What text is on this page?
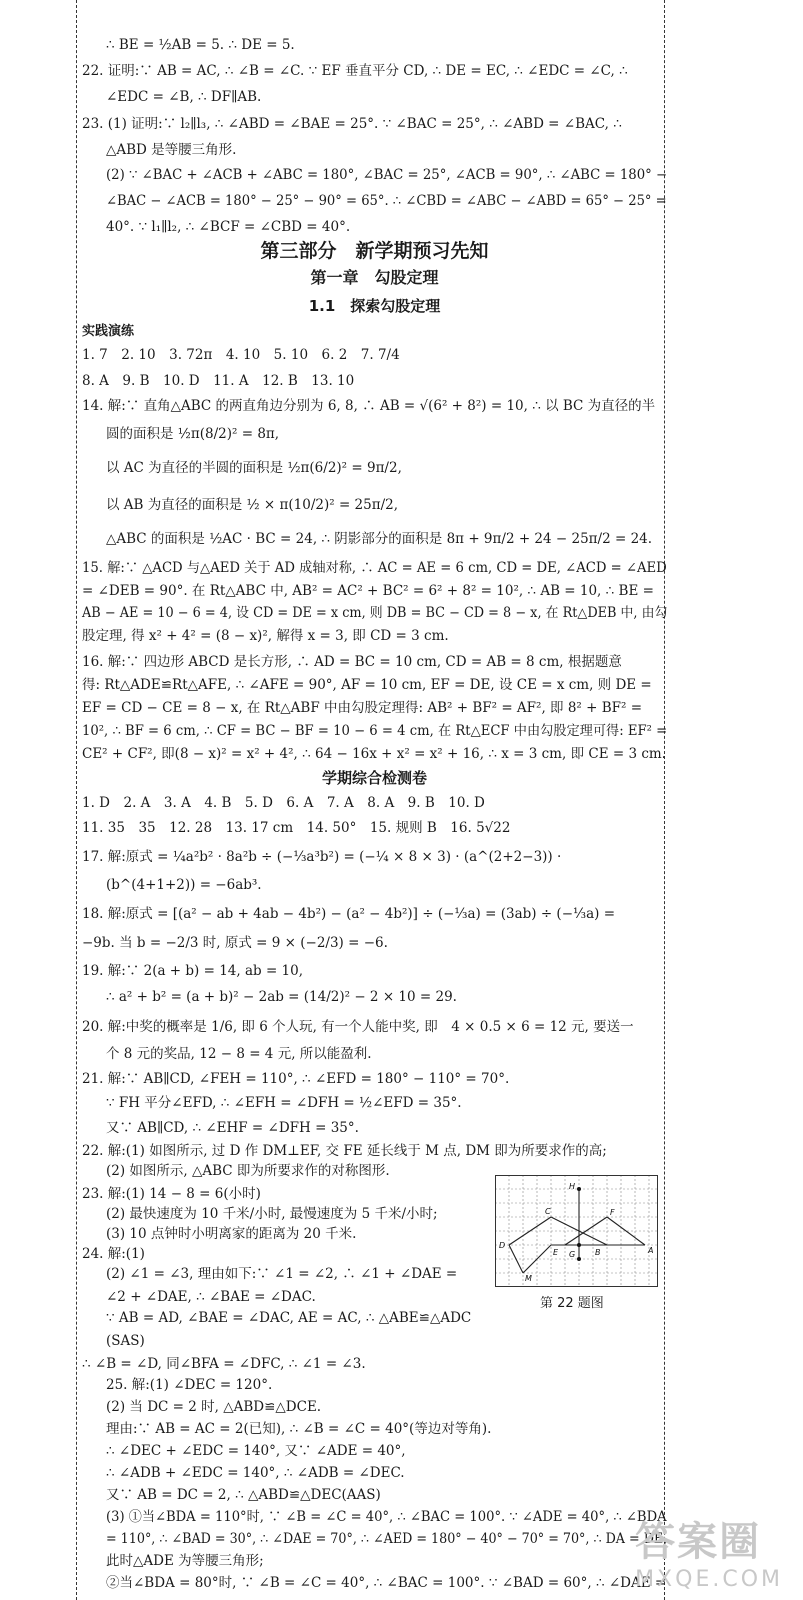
∴ BE = ½AB = 5. ∴ DE = 5.
22. 证明:∵ AB = AC, ∴ ∠B = ∠C. ∵ EF 垂直平分 CD, ∴ DE = EC, ∴ ∠EDC = ∠C, ∴
∠EDC = ∠B, ∴ DF∥AB.
23. (1) 证明:∵ l₂∥l₃, ∴ ∠ABD = ∠BAE = 25°. ∵ ∠BAC = 25°, ∴ ∠ABD = ∠BAC, ∴
△ABD 是等腰三角形.
(2) ∵ ∠BAC + ∠ACB + ∠ABC = 180°, ∠BAC = 25°, ∠ACB = 90°, ∴ ∠ABC = 180° −
∠BAC − ∠ACB = 180° − 25° − 90° = 65°. ∴ ∠CBD = ∠ABC − ∠ABD = 65° − 25° =
40°. ∵ l₁∥l₂, ∴ ∠BCF = ∠CBD = 40°.
第三部分　新学期预习先知
第一章　勾股定理
1.1　探索勾股定理
实践演练
1. 7　2. 10　3. 72π　4. 10　5. 10　6. 2　7. 7/4
8. A　9. B　10. D　11. A　12. B　13. 10
14. 解:∵ 直角△ABC 的两直角边分别为 6, 8, ∴ AB = √(6² + 8²) = 10, ∴ 以 BC 为直径的半
圆的面积是 ½π(8/2)² = 8π,
以 AC 为直径的半圆的面积是 ½π(6/2)² = 9π/2,
以 AB 为直径的面积是 ½ × π(10/2)² = 25π/2,
△ABC 的面积是 ½AC · BC = 24, ∴ 阴影部分的面积是 8π + 9π/2 + 24 − 25π/2 = 24.
15. 解:∵ △ACD 与△AED 关于 AD 成轴对称, ∴ AC = AE = 6 cm, CD = DE, ∠ACD = ∠AED
= ∠DEB = 90°. 在 Rt△ABC 中, AB² = AC² + BC² = 6² + 8² = 10², ∴ AB = 10, ∴ BE =
AB − AE = 10 − 6 = 4, 设 CD = DE = x cm, 则 DB = BC − CD = 8 − x, 在 Rt△DEB 中, 由勾
股定理, 得 x² + 4² = (8 − x)², 解得 x = 3, 即 CD = 3 cm.
16. 解:∵ 四边形 ABCD 是长方形, ∴ AD = BC = 10 cm, CD = AB = 8 cm, 根据题意
得: Rt△ADE≌Rt△AFE, ∴ ∠AFE = 90°, AF = 10 cm, EF = DE, 设 CE = x cm, 则 DE =
EF = CD − CE = 8 − x, 在 Rt△ABF 中由勾股定理得: AB² + BF² = AF², 即 8² + BF² =
10², ∴ BF = 6 cm, ∴ CF = BC − BF = 10 − 6 = 4 cm, 在 Rt△ECF 中由勾股定理可得: EF² =
CE² + CF², 即(8 − x)² = x² + 4², ∴ 64 − 16x + x² = x² + 16, ∴ x = 3 cm, 即 CE = 3 cm.
学期综合检测卷
1. D　2. A　3. A　4. B　5. D　6. A　7. A　8. A　9. B　10. D
11. 35　35　12. 28　13. 17 cm　14. 50°　15. 规则 B　16. 5√22
17. 解:原式 = ¼a²b² · 8a²b ÷ (−⅓a³b²) = (−¼ × 8 × 3) · (a^(2+2−3)) ·
(b^(4+1+2)) = −6ab³.
18. 解:原式 = [(a² − ab + 4ab − 4b²) − (a² − 4b²)] ÷ (−⅓a) = (3ab) ÷ (−⅓a) =
−9b. 当 b = −2/3 时, 原式 = 9 × (−2/3) = −6.
19. 解:∵ 2(a + b) = 14, ab = 10,
∴ a² + b² = (a + b)² − 2ab = (14/2)² − 2 × 10 = 29.
20. 解:中奖的概率是 1/6, 即 6 个人玩, 有一个人能中奖, 即　4 × 0.5 × 6 = 12 元, 要送一
个 8 元的奖品, 12 − 8 = 4 元, 所以能盈利.
21. 解:∵ AB∥CD, ∠FEH = 110°, ∴ ∠EFD = 180° − 110° = 70°.
∵ FH 平分∠EFD, ∴ ∠EFH = ∠DFH = ½∠EFD = 35°.
又∵ AB∥CD, ∴ ∠EHF = ∠DFH = 35°.
22. 解:(1) 如图所示, 过 D 作 DM⊥EF, 交 FE 延长线于 M 点, DM 即为所要求作的高;
(2) 如图所示, △ABC 即为所要求作的对称图形.
23. 解:(1) 14 − 8 = 6(小时)
(2) 最快速度为 10 千米/小时, 最慢速度为 5 千米/小时;
(3) 10 点钟时小明离家的距离为 20 千米.
24. 解:(1)
(2) ∠1 = ∠3, 理由如下:∵ ∠1 = ∠2, ∴ ∠1 + ∠DAE =
∠2 + ∠DAE, ∴ ∠BAE = ∠DAC.
∵ AB = AD, ∠BAE = ∠DAC, AE = AC, ∴ △ABE≌△ADC
(SAS)
∴ ∠B = ∠D, 同∠BFA = ∠DFC, ∴ ∠1 = ∠3.
25. 解:(1) ∠DEC = 120°.
(2) 当 DC = 2 时, △ABD≌△DCE.
理由:∵ AB = AC = 2(已知), ∴ ∠B = ∠C = 40°(等边对等角).
∴ ∠DEC + ∠EDC = 140°, 又∵ ∠ADE = 40°,
∴ ∠ADB + ∠EDC = 140°, ∴ ∠ADB = ∠DEC.
又∵ AB = DC = 2, ∴ △ABD≌△DEC(AAS)
(3) ①当∠BDA = 110°时, ∵ ∠B = ∠C = 40°, ∴ ∠BAC = 100°. ∵ ∠ADE = 40°, ∴ ∠BDA
= 110°, ∴ ∠BAD = 30°, ∴ ∠DAE = 70°, ∴ ∠AED = 180° − 40° − 70° = 70°, ∴ DA = DE,
此时△ADE 为等腰三角形;
②当∠BDA = 80°时, ∵ ∠B = ∠C = 40°, ∴ ∠BAC = 100°. ∵ ∠BAD = 60°, ∴ ∠DAE =
H
C	F
D
E G B	A
M
第 22 题图
答案圈
MXQE.COM
